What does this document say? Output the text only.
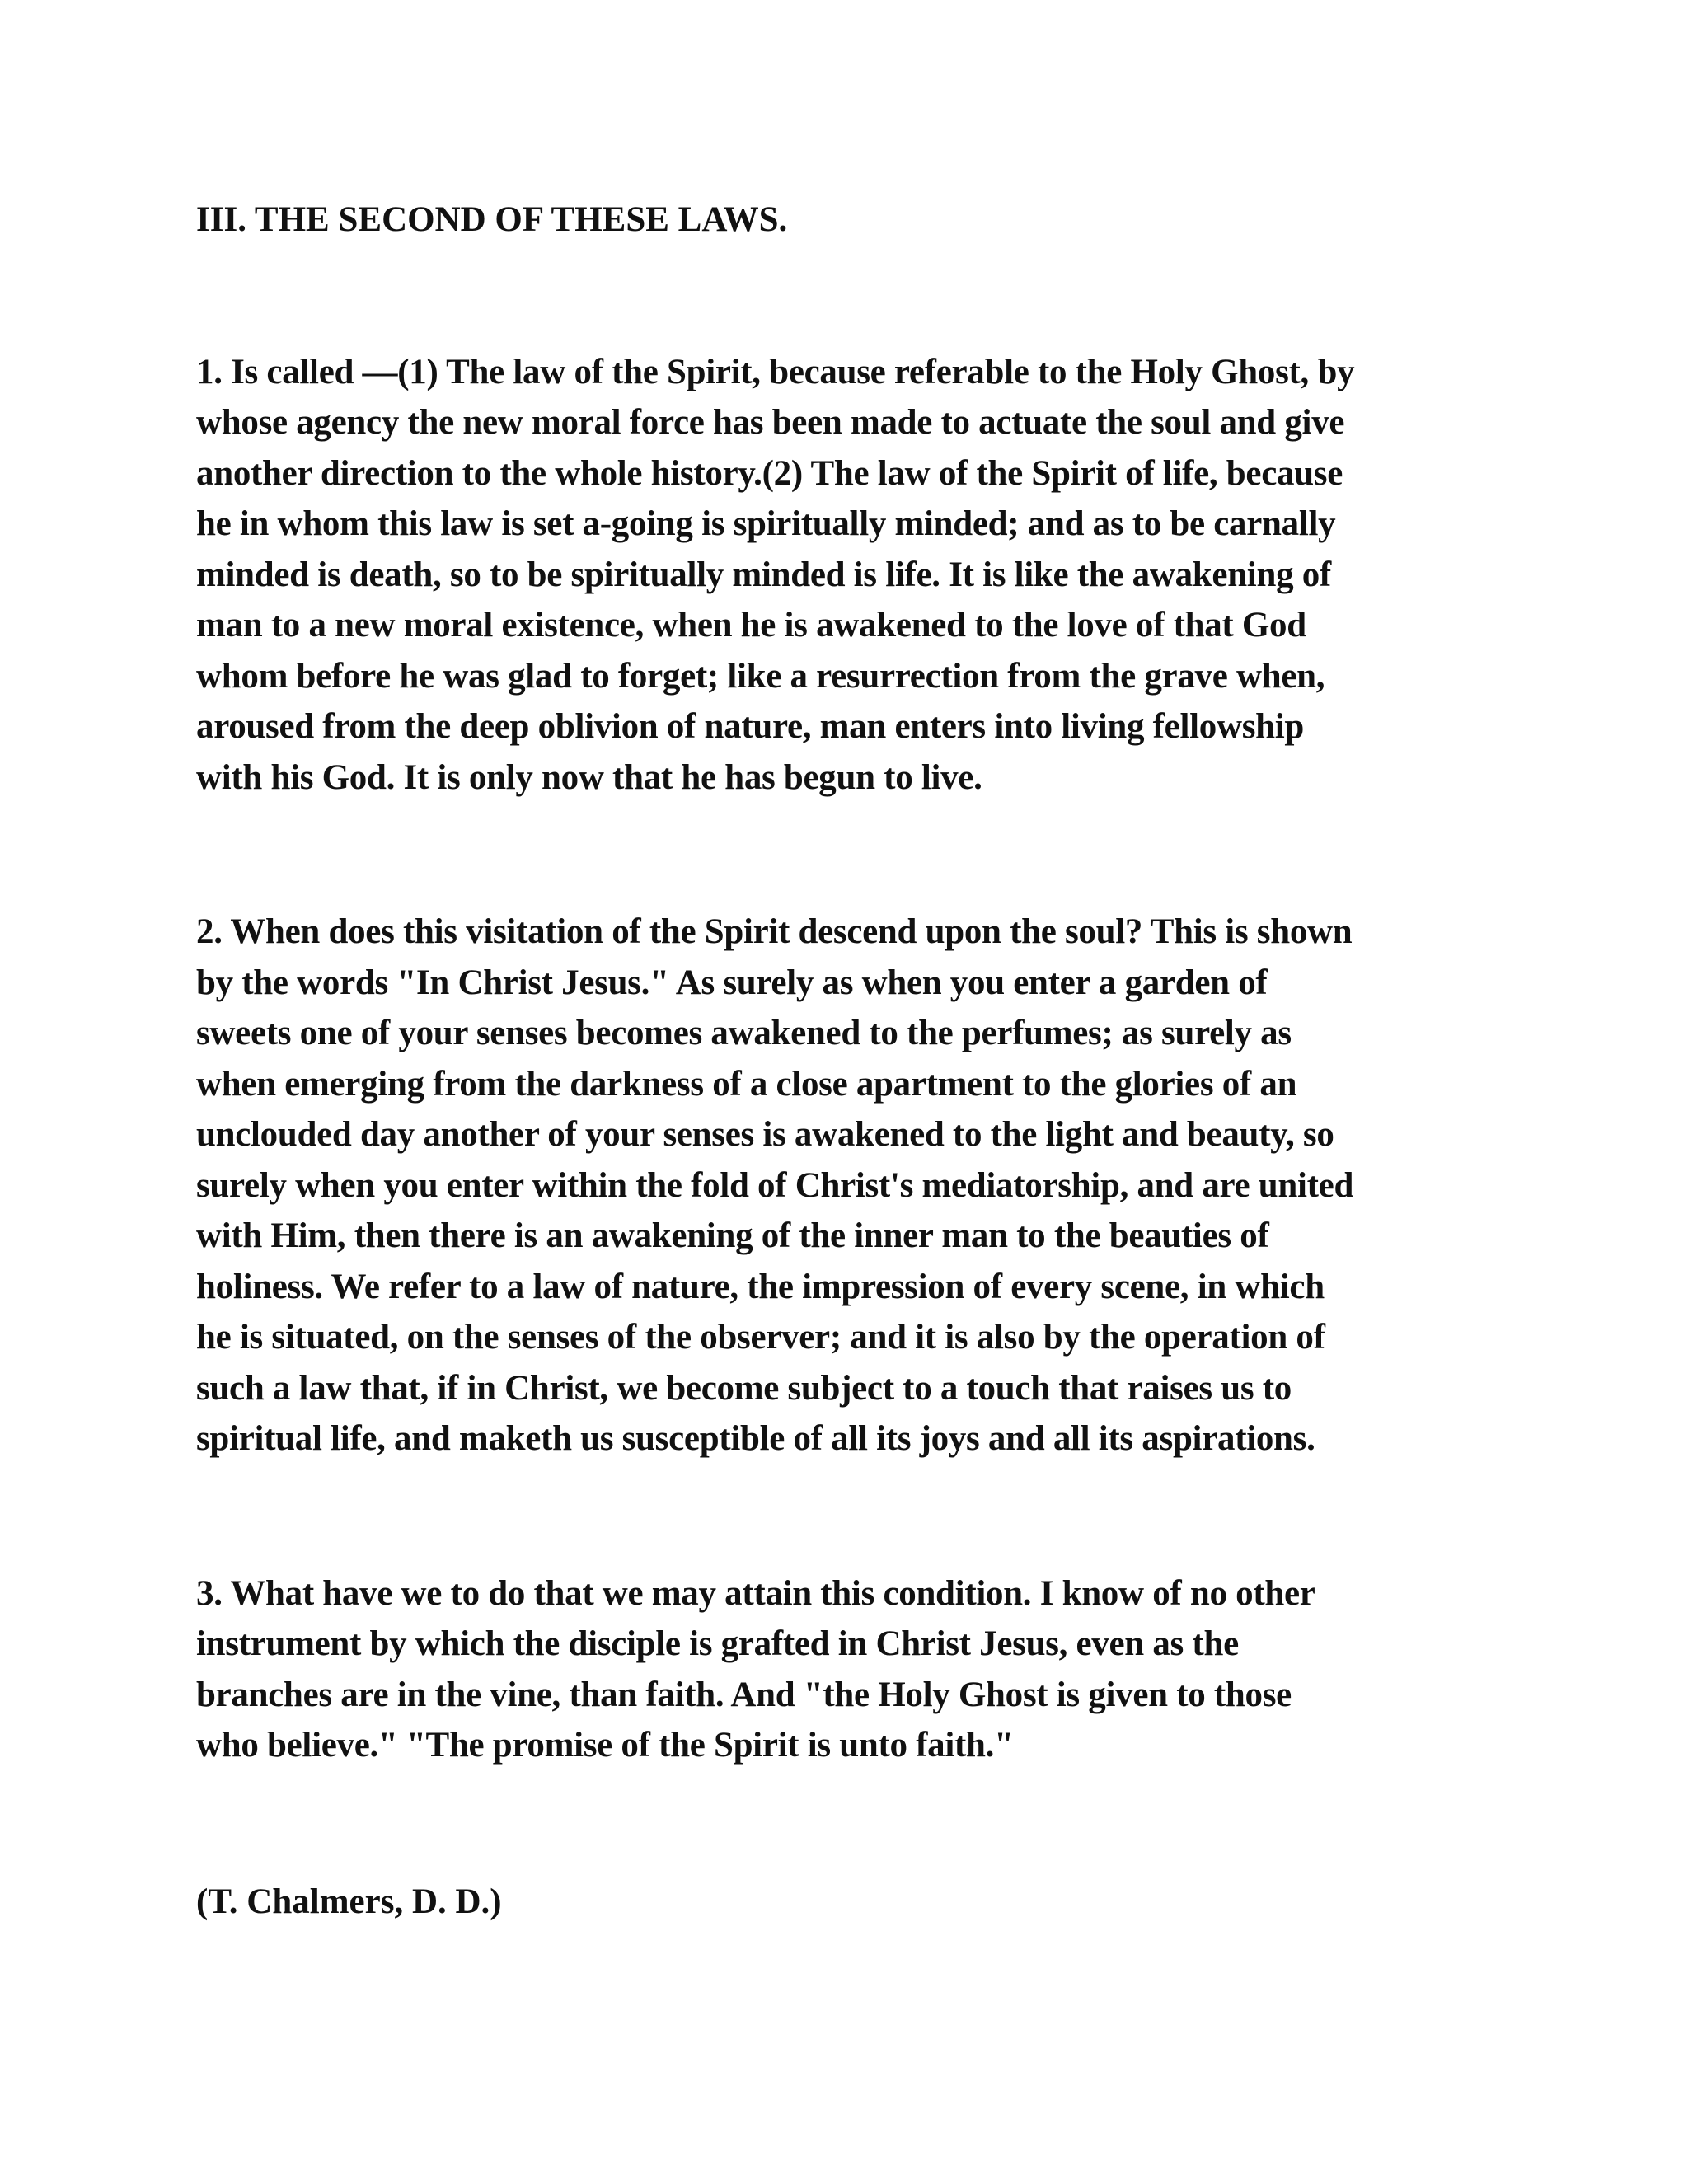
III. THE SECOND OF THESE LAWS.

1. Is called —(1) The law of the Spirit, because referable to the Holy Ghost, by
whose agency the new moral force has been made to actuate the soul and give
another direction to the whole history.(2) The law of the Spirit of life, because
he in whom this law is set a-going is spiritually minded; and as to be carnally
minded is death, so to be spiritually minded is life. It is like the awakening of
man to a new moral existence, when he is awakened to the love of that God
whom before he was glad to forget; like a resurrection from the grave when,
aroused from the deep oblivion of nature, man enters into living fellowship
with his God. It is only now that he has begun to live.

2. When does this visitation of the Spirit descend upon the soul? This is shown
by the words "In Christ Jesus." As surely as when you enter a garden of
sweets one of your senses becomes awakened to the perfumes; as surely as
when emerging from the darkness of a close apartment to the glories of an
unclouded day another of your senses is awakened to the light and beauty, so
surely when you enter within the fold of Christ's mediatorship, and are united
with Him, then there is an awakening of the inner man to the beauties of
holiness. We refer to a law of nature, the impression of every scene, in which
he is situated, on the senses of the observer; and it is also by the operation of
such a law that, if in Christ, we become subject to a touch that raises us to
spiritual life, and maketh us susceptible of all its joys and all its aspirations.

3. What have we to do that we may attain this condition. I know of no other
instrument by which the disciple is grafted in Christ Jesus, even as the
branches are in the vine, than faith. And "the Holy Ghost is given to those
who believe." "The promise of the Spirit is unto faith."

(T. Chalmers, D. D.)
